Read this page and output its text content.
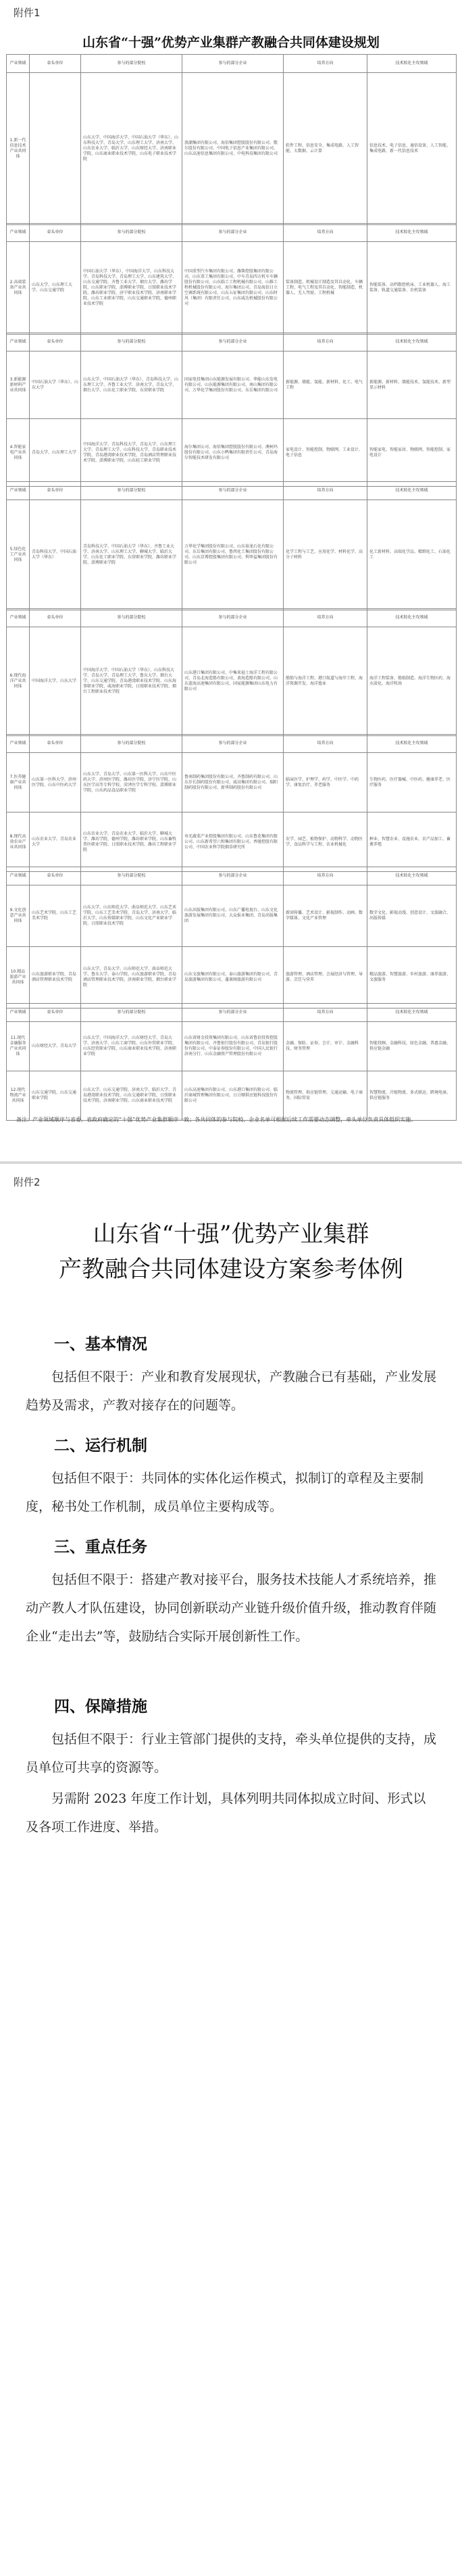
附件1
山东省“十强”优势产业集群产教融合共同体建设规划
产业领域	牵头单位	参与的部分院校	参与的部分企业	培养方向	技术转化主攻领域
1.新一代信息技术产业共同体		山东大学、中国海洋大学、中国石油大学（华东）、山东科技大学、青岛大学、山东理工大学、济南大学、山东农业大学、临沂大学、山东财经大学、济南职业学院、山东商业职业技术学院、山东电子职业技术学院	浪潮集团有限公司、海信集团控股股份有限公司、歌尔股份有限公司、中国电子信息产业集团有限公司、山东高速信息集团有限公司、中电科技集团有限公司	软件工程、信息安全、集成电路、人工智能、大数据、云计算	信息技术、电子信息、通信设备、人工智能、集成电路、新一代信息技术
产业领域	牵头单位	参与的部分院校	参与的部分企业	培养方向	技术转化主攻领域
2.高端装备产业共同体	山东大学、山东理工大学、山东交通学院	中国石油大学（华东）、中国海洋大学、山东科技大学、青岛科技大学、青岛理工大学、山东建筑大学、山东交通学院、齐鲁工业大学、烟台大学、潍坊学院、山东职业学院、淄博职业学院、日照职业技术学院、潍坊职业学院、济宁职业技术学院、济南职业学院、山东工业职业学院、山东交通职业学院、德州职业技术学院	中国重型汽车集团有限公司、潍柴控股集团有限公司、山东重工集团有限公司、中车青岛四方机车车辆股份有限公司、山东临工工程机械有限公司、山推工程机械股份有限公司、海尔集团公司、青岛海信日立空调系统有限公司、山东五征集团有限公司、山东时风（集团）有限责任公司、山东威达机械股份有限公司	装备制造、机械设计制造及其自动化、车辆工程、电气工程及其自动化、智能制造、机器人、无人驾驶、工程机械	智能装备、高档数控机床、工业机器人、海工装备、轨道交通装备、农机装备
产业领域	牵头单位	参与的部分院校	参与的部分企业	培养方向	技术转化主攻领域
3.新能源新材料产业共同体	中国石油大学（华东）、山东大学	山东大学、中国石油大学（华东）、青岛科技大学、山东理工大学、齐鲁工业大学、济南大学、青岛大学、烟台大学、山东化工职业学院、东营职业学院	国家电投集团山东能源发展有限公司、华能山东发电有限公司、山东能源集团有限公司、南山集团有限公司、万华化学集团股份有限公司、东岳集团有限公司	新能源、储能、氢能、新材料、化工、电气工程	新能源、新材料、储能技术、氢能技术、新型显示材料
4.智能家电产业共同体	青岛大学、山东理工大学	中国海洋大学、青岛科技大学、青岛大学、山东理工大学、青岛理工大学、山东科技大学、青岛职业技术学院、青岛港湾职业技术学院、青岛酒店管理职业技术学院、淄博职业学院、山东轻工职业学院	海尔集团公司、海信集团控股股份有限公司、澳柯玛股份有限公司、山东小鸭集团有限责任公司、青岛海尔智能技术研发有限公司	家电设计、智能控制、物联网、工业设计、电子信息	智能家电、智能家居、物联网、智能控制、家电设计
产业领域	牵头单位	参与的部分院校	参与的部分企业	培养方向	技术转化主攻领域
5.绿色化工产业共同体	青岛科技大学、中国石油大学（华东）	青岛科技大学、中国石油大学（华东）、齐鲁工业大学、济南大学、山东理工大学、聊城大学、临沂大学、山东化工职业学院、东营职业学院、潍坊职业学院、淄博职业学院	万华化学集团股份有限公司、山东裕龙石化有限公司、东岳集团有限公司、鲁西化工集团股份有限公司、山东京博控股集团有限公司、利华益集团股份有限公司	化学工程与工艺、应用化学、材料化学、高分子材料	化工新材料、高端化学品、精细化工、石油化工
产业领域	牵头单位	参与的部分院校	参与的部分企业	培养方向	技术转化主攻领域
6.现代海洋产业共同体	中国海洋大学、山东大学	中国海洋大学、中国石油大学（华东）、山东科技大学、青岛大学、青岛理工大学、鲁东大学、烟台大学、山东交通学院、青岛港湾职业技术学院、山东海事职业学院、威海职业学院、日照职业技术学院、烟台工程职业技术学院	山东港口集团有限公司、中集来福士海洋工程有限公司、青岛北海造船有限公司、黄海造船有限公司、山东蓝海高速集团有限公司、国家能源集团山东电力有限公司	船舶与海洋工程、港口航道与海岸工程、海洋资源开发、海洋渔业	海洋工程装备、船舶制造、海洋生物医药、海水淡化、海洋牧场
产业领域	牵头单位	参与的部分院校	参与的部分企业	培养方向	技术转化主攻领域
7.医养健康产业共同体	山东第一医科大学、滨州医学院、山东中医药大学	山东大学、青岛大学、山东第一医科大学、山东中医药大学、滨州医学院、潍坊医学院、济宁医学院、山东医学高等专科学校、菏泽医学专科学校、淄博职业学院、山东药品食品职业学院	鲁南制药集团股份有限公司、齐鲁制药有限公司、山东步长制药股份有限公司、威高集团有限公司、瑞阳制药股份有限公司、新华制药股份有限公司	临床医学、护理学、药学、中医学、中药学、康复治疗、养老服务	生物医药、医疗器械、中医药、健康养老、医疗服务
8.现代高效农业产业共同体	山东农业大学、青岛农业大学	山东农业大学、青岛农业大学、临沂大学、聊城大学、潍坊学院、德州学院、潍坊职业学院、山东畜牧兽医职业学院、日照职业技术学院、潍坊工程职业学院	寿光蔬菜产业控股集团有限公司、山东鲁花集团有限公司、山东新希望六和集团有限公司、香驰控股有限公司、中国农业科学院烟草研究所	农学、园艺、植物保护、动物科学、动物医学、食品科学与工程、农业机械化	种业、智慧农业、设施农业、农产品加工、畜禽养殖
产业领域	牵头单位	参与的部分院校	参与的部分企业	培养方向	技术转化主攻领域
9.文化创意产业共同体	山东艺术学院、山东工艺美术学院	山东大学、山东师范大学、曲阜师范大学、山东艺术学院、山东工艺美术学院、青岛大学、济南大学、临沂大学、山东传媒职业学院、山东文化产业职业学院、日照职业技术学院	山东出版集团有限公司、山东广播电视台、山东文化旅游发展集团有限公司、大众报业集团、青岛出版集团	新闻传播、艺术设计、影视制作、动画、数字媒体、文化产业管理	数字文化、影视动漫、创意设计、文旅融合、出版传媒
10.精品旅游产业共同体	山东旅游职业学院、青岛酒店管理职业技术学院	山东大学、青岛大学、山东师范大学、曲阜师范大学、鲁东大学、泰山学院、山东旅游职业学院、青岛酒店管理职业技术学院、济南职业学院、烟台职业学院	山东文旅集团有限公司、泰山旅游集团有限公司、青岛旅游集团有限公司、蓬莱阁旅游有限公司	旅游管理、酒店管理、会展经济与管理、导游、烹饪与营养	精品旅游、智慧旅游、乡村旅游、康养旅游、文旅服务
产业领域	牵头单位	参与的部分院校	参与的部分企业	培养方向	技术转化主攻领域
11.现代金融服务产业共同体	山东财经大学、青岛大学	山东大学、中国海洋大学、山东财经大学、青岛大学、济南大学、山东工商学院、山东外贸职业学院、山东经贸职业学院、山东商业职业技术学院、济南职业学院	山东省财金投资集团有限公司、山东省鲁信投资控股集团有限公司、齐鲁银行股份有限公司、青岛银行股份有限公司、中泰证券股份有限公司、中国人民银行济南分行、山东金融资产管理股份有限公司	金融、保险、证券、会计、审计、金融科技、财务管理	智能投顾、金融科技、绿色金融、普惠金融、供应链金融
12.现代物流产业共同体	山东交通学院、山东交通职业学院	山东大学、山东交通学院、济南大学、临沂大学、青岛港湾职业技术学院、山东交通职业学院、日照职业技术学院、济南职业学院、山东商业职业技术学院	山东高速集团有限公司、山东港口集团有限公司、临沂商城管理集团有限公司、日日顺供应链科技股份有限公司	物流管理、供应链管理、交通运输、电子商务、国际贸易	智慧物流、冷链物流、多式联运、跨境电商、供应链服务
备注：产业领域顺序与省委、省政府确定的“十强”优势产业集群顺序一致；各共同体的参与院校、企业名单可根据后续工作需要动态调整，牵头单位负责具体组织实施。
附件2
山东省“十强”优势产业集群
产教融合共同体建设方案参考体例
一、基本情况
包括但不限于：产业和教育发展现状，产教融合已有基础，产业发展趋势及需求，产教对接存在的问题等。
二、运行机制
包括但不限于：共同体的实体化运作模式，拟制订的章程及主要制度，秘书处工作机制，成员单位主要构成等。
三、重点任务
包括但不限于：搭建产教对接平台，服务技术技能人才系统培养，推动产教人才队伍建设，协同创新联动产业链升级价值升级，推动教育伴随企业“走出去”等，鼓励结合实际开展创新性工作。
四、保障措施
包括但不限于：行业主管部门提供的支持，牵头单位提供的支持，成员单位可共享的资源等。
另需附 2023 年度工作计划，具体列明共同体拟成立时间、形式以及各项工作进度、举措。
